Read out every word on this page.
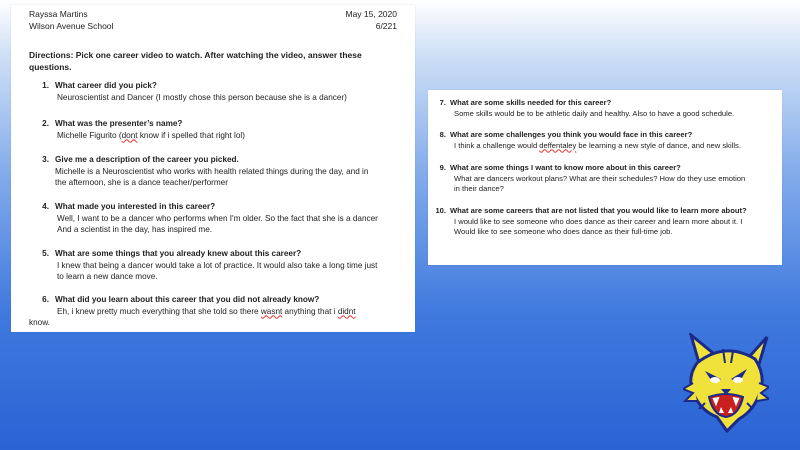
Rayssa Martins
Wilson Avenue School
May 15, 2020
6/221
Directions: Pick one career video to watch. After watching the video, answer these questions.
1. What career did you pick?
Neuroscientist and Dancer (I mostly chose this person because she is a dancer)
2. What was the presenter’s name?
Michelle Figurito (dont know if i spelled that right lol)
3. Give me a description of the career you picked.
Michelle is a Neuroscientist who works with health related things during the day, and in
the afternoon, she is a dance teacher/performer
4. What made you interested in this career?
Well, I want to be a dancer who performs when I'm older. So the fact that she is a dancer
And a scientist in the day, has inspired me.
5. What are some things that you already knew about this career?
I knew that being a dancer would take a lot of practice. It would also take a long time just
to learn a new dance move.
6. What did you learn about this career that you did not already know?
Eh, i knew pretty much everything that she told so there wasnt anything that i didnt
know.
7. What are some skills needed for this career?
Some skills would be to be athletic daily and healthy. Also to have a good schedule.
8. What are some challenges you think you would face in this career?
I think a challenge would deffentaley be learning a new style of dance, and new skills.
9. What are some things I want to know more about in this career?
What are dancers workout plans? What are their schedules? How do they use emotion
in their dance?
10. What are some careers that are not listed that you would like to learn more about?
I would like to see someone who does dance as their career and learn more about it. I
Would like to see someone who does dance as their full-time job.
